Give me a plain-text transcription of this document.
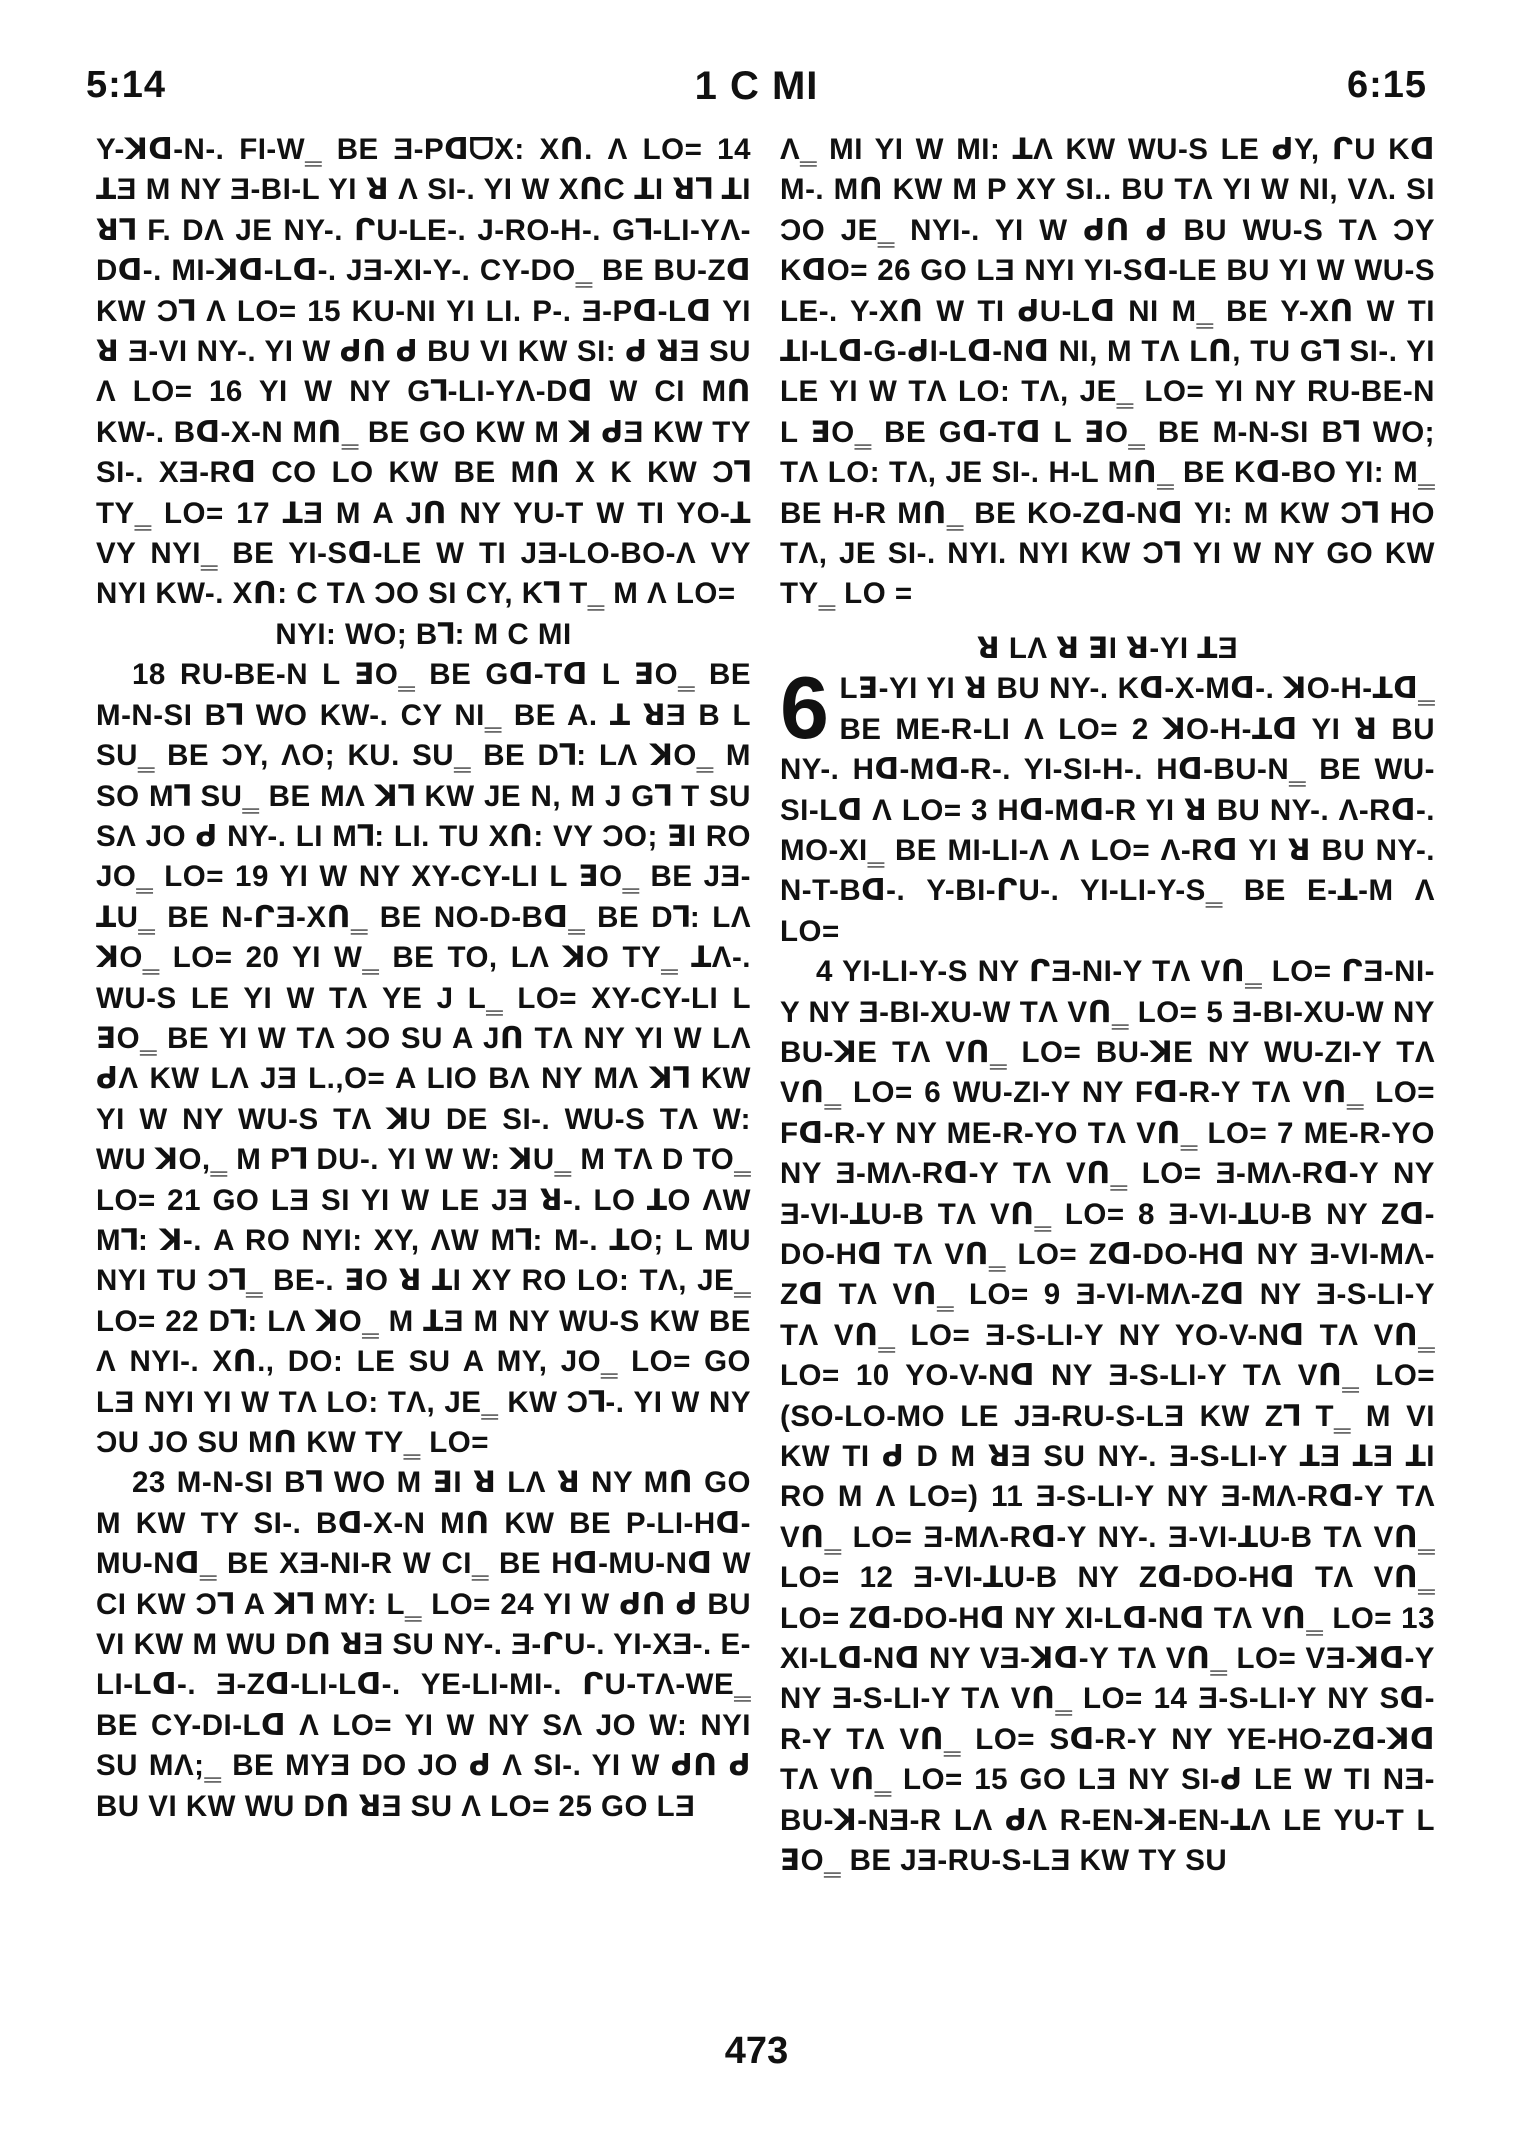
1 C MI
5:14	6:15

Y-ꓘᗡ-N-. FI-W‗ BE Ǝ-PᗡᗜX: Xᑎ. Λ LO= 14 ꓕƎ M NY Ǝ-BI-L YI ꓤ Λ SI-. YI W XᑎC ꓕI ꓤꓶ ꓕI ꓤꓶ F. DΛ JE NY-. ᒋU-LE-. J-RO-H-. Gꓶ-LI-YΛ-Dᗡ-. MI-ꓘᗡ-Lᗡ-. JƎ-XI-Y-. CY-DO‗ BE BU-Zᗡ KW Ɔꓶ Λ LO= 15 KU-NI YI LI. P-. Ǝ-Pᗡ-Lᗡ YI ꓤ Ǝ-VI NY-. YI W ᑯᑎ ᑯ BU VI KW SI: ᑯ ꓤƎ SU Λ LO= 16 YI W NY Gꓶ-LI-YΛ-Dᗡ W CI Mᑎ KW-. Bᗡ-X-N Mᑎ‗ BE GO KW M ꓘ ᑯƎ KW TY SI-. XƎ-Rᗡ CO LO KW BE Mᑎ X K KW Ɔꓶ TY‗ LO= 17 ꓕƎ M A Jᑎ NY YU-T W TI YO-ꓕ VY NYI‗ BE YI-Sᗡ-LE W TI JƎ-LO-BO-Ʌ VY NYI KW-. Xᑎ: C TΛ ƆO SI CY, Kꓶ T‗ M Λ LO=

NYI: WO; Bꓶ: M C MI

18 RU-BE-N L ꓱO‗ BE Gᗡ-Tᗡ L ꓱO‗ BE M-N-SI Bꓶ WO KW-. CY NI‗ BE A. ꓕ ꓤƎ B L SU‗ BE ƆY, ɅO; KU. SU‗ BE Dꓶ: LΛ ꓘO‗ M SO Mꓶ SU‗ BE MΛ ꓘꓶ KW JE N, M J Gꓶ T SU SΛ JO ᑯ NY-. LI Mꓶ: LI. TU Xᑎ: VY ƆO; ꓱI RO JO‗ LO= 19 YI W NY XY-CY-LI L ꓱO‗ BE JƎ-ꓕU‗ BE N-ᒋƎ-Xᑎ‗ BE NO-D-Bᗡ‗ BE Dꓶ: LΛ ꓘO‗ LO= 20 YI W‗ BE TO, LΛ ꓘO TY‗ ꓕΛ-. WU-S LE YI W TΛ YE J L‗ LO= XY-CY-LI L ꓱO‗ BE YI W TΛ ƆO SU A Jᑎ TΛ NY YI W LΛ ᑯΛ KW LΛ JƎ L.,O= A LIO BΛ NY MΛ ꓘꓶ KW YI W NY WU-S TΛ ꓘU DE SI-. WU-S TΛ W: WU ꓘO,‗ M Pꓶ DU-. YI W W: ꓘU‗ M TΛ D TO‗ LO= 21 GO LƎ SI YI W LE JƎ ꓤ-. LO ꓕO ɅW Mꓶ: ꓘ-. A RO NYI: XY, ɅW Mꓶ: M-. ꓕO; L MU NYI TU Ɔꓶ‗ BE-. ꓱO ꓤ ꓕI XY RO LO: TΛ, JE‗ LO= 22 Dꓶ: LΛ ꓘO‗ M ꓕƎ M NY WU-S KW BE Λ NYI-. Xᑎ., DO: LE SU A MY, JO‗ LO= GO LƎ NYI YI W TΛ LO: TΛ, JE‗ KW Ɔꓶ-. YI W NY ƆU JO SU Mᑎ KW TY‗ LO=

23 M-N-SI Bꓶ WO M ꓱI ꓤ LΛ ꓤ NY Mᑎ GO M KW TY SI-. Bᗡ-X-N Mᑎ KW BE P-LI-Hᗡ-MU-Nᗡ‗ BE XƎ-NI-R W CI‗ BE Hᗡ-MU-Nᗡ W CI KW Ɔꓶ A ꓘꓶ MY: L‗ LO= 24 YI W ᑯᑎ ᑯ BU VI KW M WU Dᑎ ꓤƎ SU NY-. Ǝ-ᒋU-. YI-XƎ-. E-LI-Lᗡ-. Ǝ-Zᗡ-LI-Lᗡ-. YE-LI-MI-. ᒋU-TΛ-WE‗ BE CY-DI-Lᗡ Λ LO= YI W NY SΛ JO W: NYI SU MΛ;‗ BE MYƎ DO JO ᑯ Λ SI-. YI W ᑯᑎ ᑯ BU VI KW WU Dᑎ ꓤƎ SU Λ LO= 25 GO LƎ

Λ‗ MI YI W MI: ꓕΛ KW WU-S LE ᑯY, ᒋU Kᗡ M-. Mᑎ KW M P XY SI.. BU TΛ YI W NI, VΛ. SI ƆO JE‗ NYI-. YI W ᑯᑎ ᑯ BU WU-S TΛ ƆY KᗡO= 26 GO LƎ NYI YI-Sᗡ-LE BU YI W WU-S LE-. Y-Xᑎ W TI ᑯU-Lᗡ NI M‗ BE Y-Xᑎ W TI ꓕI-Lᗡ-G-ᑯI-Lᗡ-Nᗡ NI, M TΛ Lᑎ, TU Gꓶ SI-. YI LE YI W TΛ LO: TΛ, JE‗ LO= YI NY RU-BE-N L ꓱO‗ BE Gᗡ-Tᗡ L ꓱO‗ BE M-N-SI Bꓶ WO; TΛ LO: TΛ, JE SI-. H-L Mᑎ‗ BE Kᗡ-BO YI: M‗ BE H-R Mᑎ‗ BE KO-Zᗡ-Nᗡ YI: M KW Ɔꓶ HO TΛ, JE SI-. NYI. NYI KW Ɔꓶ YI W NY GO KW TY‗ LO =

ꓤ LΛ ꓤ ꓱI ꓤ-YI ꓕƎ

6 Lꓱ-YI YI ꓤ BU NY-. Kᗡ-X-Mᗡ-. ꓘO-H-ꓕᗡ‗ BE ME-R-LI Λ LO= 2 ꓘO-H-ꓕᗡ YI ꓤ BU NY-. Hᗡ-Mᗡ-R-. YI-SI-H-. Hᗡ-BU-N‗ BE WU-SI-Lᗡ Λ LO= 3 Hᗡ-Mᗡ-R YI ꓤ BU NY-. Ʌ-Rᗡ-. MO-XI‗ BE MI-LI-Ʌ Λ LO= Ʌ-Rᗡ YI ꓤ BU NY-. N-T-Bᗡ-. Y-BI-ᒋU-. YI-LI-Y-S‗ BE E-ꓕ-M Λ LO=

4 YI-LI-Y-S NY ᒋƎ-NI-Y TΛ Vᑎ‗ LO= ᒋƎ-NI-Y NY Ǝ-BI-XU-W TΛ Vᑎ‗ LO= 5 Ǝ-BI-XU-W NY BU-ꓘE TΛ Vᑎ‗ LO= BU-ꓘE NY WU-ZI-Y TΛ Vᑎ‗ LO= 6 WU-ZI-Y NY Fᗡ-R-Y TΛ Vᑎ‗ LO= Fᗡ-R-Y NY ME-R-YO TΛ Vᑎ‗ LO= 7 ME-R-YO NY Ǝ-MΛ-Rᗡ-Y TΛ Vᑎ‗ LO= Ǝ-MΛ-Rᗡ-Y NY Ǝ-VI-ꓕU-B TΛ Vᑎ‗ LO= 8 Ǝ-VI-ꓕU-B NY Zᗡ-DO-Hᗡ TΛ Vᑎ‗ LO= Zᗡ-DO-Hᗡ NY Ǝ-VI-MΛ-Zᗡ TΛ Vᑎ‗ LO= 9 Ǝ-VI-MΛ-Zᗡ NY Ǝ-S-LI-Y TΛ Vᑎ‗ LO= Ǝ-S-LI-Y NY YO-V-Nᗡ TΛ Vᑎ‗ LO= 10 YO-V-Nᗡ NY Ǝ-S-LI-Y TΛ Vᑎ‗ LO= (SO-LO-MO LE JƎ-RU-S-LƎ KW Zꓶ T‗ M VI KW TI ᑯ D M ꓤƎ SU NY-. Ǝ-S-LI-Y ꓕƎ ꓕƎ ꓕI RO M Λ LO=) 11 Ǝ-S-LI-Y NY Ǝ-MΛ-Rᗡ-Y TΛ Vᑎ‗ LO= Ǝ-MΛ-Rᗡ-Y NY-. Ǝ-VI-ꓕU-B TΛ Vᑎ‗ LO= 12 Ǝ-VI-ꓕU-B NY Zᗡ-DO-Hᗡ TΛ Vᑎ‗ LO= Zᗡ-DO-Hᗡ NY XI-Lᗡ-Nᗡ TΛ Vᑎ‗ LO= 13 XI-Lᗡ-Nᗡ NY VƎ-ꓘᗡ-Y TΛ Vᑎ‗ LO= VƎ-ꓘᗡ-Y NY Ǝ-S-LI-Y TΛ Vᑎ‗ LO= 14 Ǝ-S-LI-Y NY Sᗡ-R-Y TΛ Vᑎ‗ LO= Sᗡ-R-Y NY YE-HO-Zᗡ-ꓘᗡ TΛ Vᑎ‗ LO= 15 GO LƎ NY SI-ᑯ LE W TI NƎ-BU-ꓘ-NƎ-R LΛ ᑯΛ R-EN-ꓘ-EN-ꓕΛ LE YU-T L ꓱO‗ BE JƎ-RU-S-LƎ KW TY SU

473
